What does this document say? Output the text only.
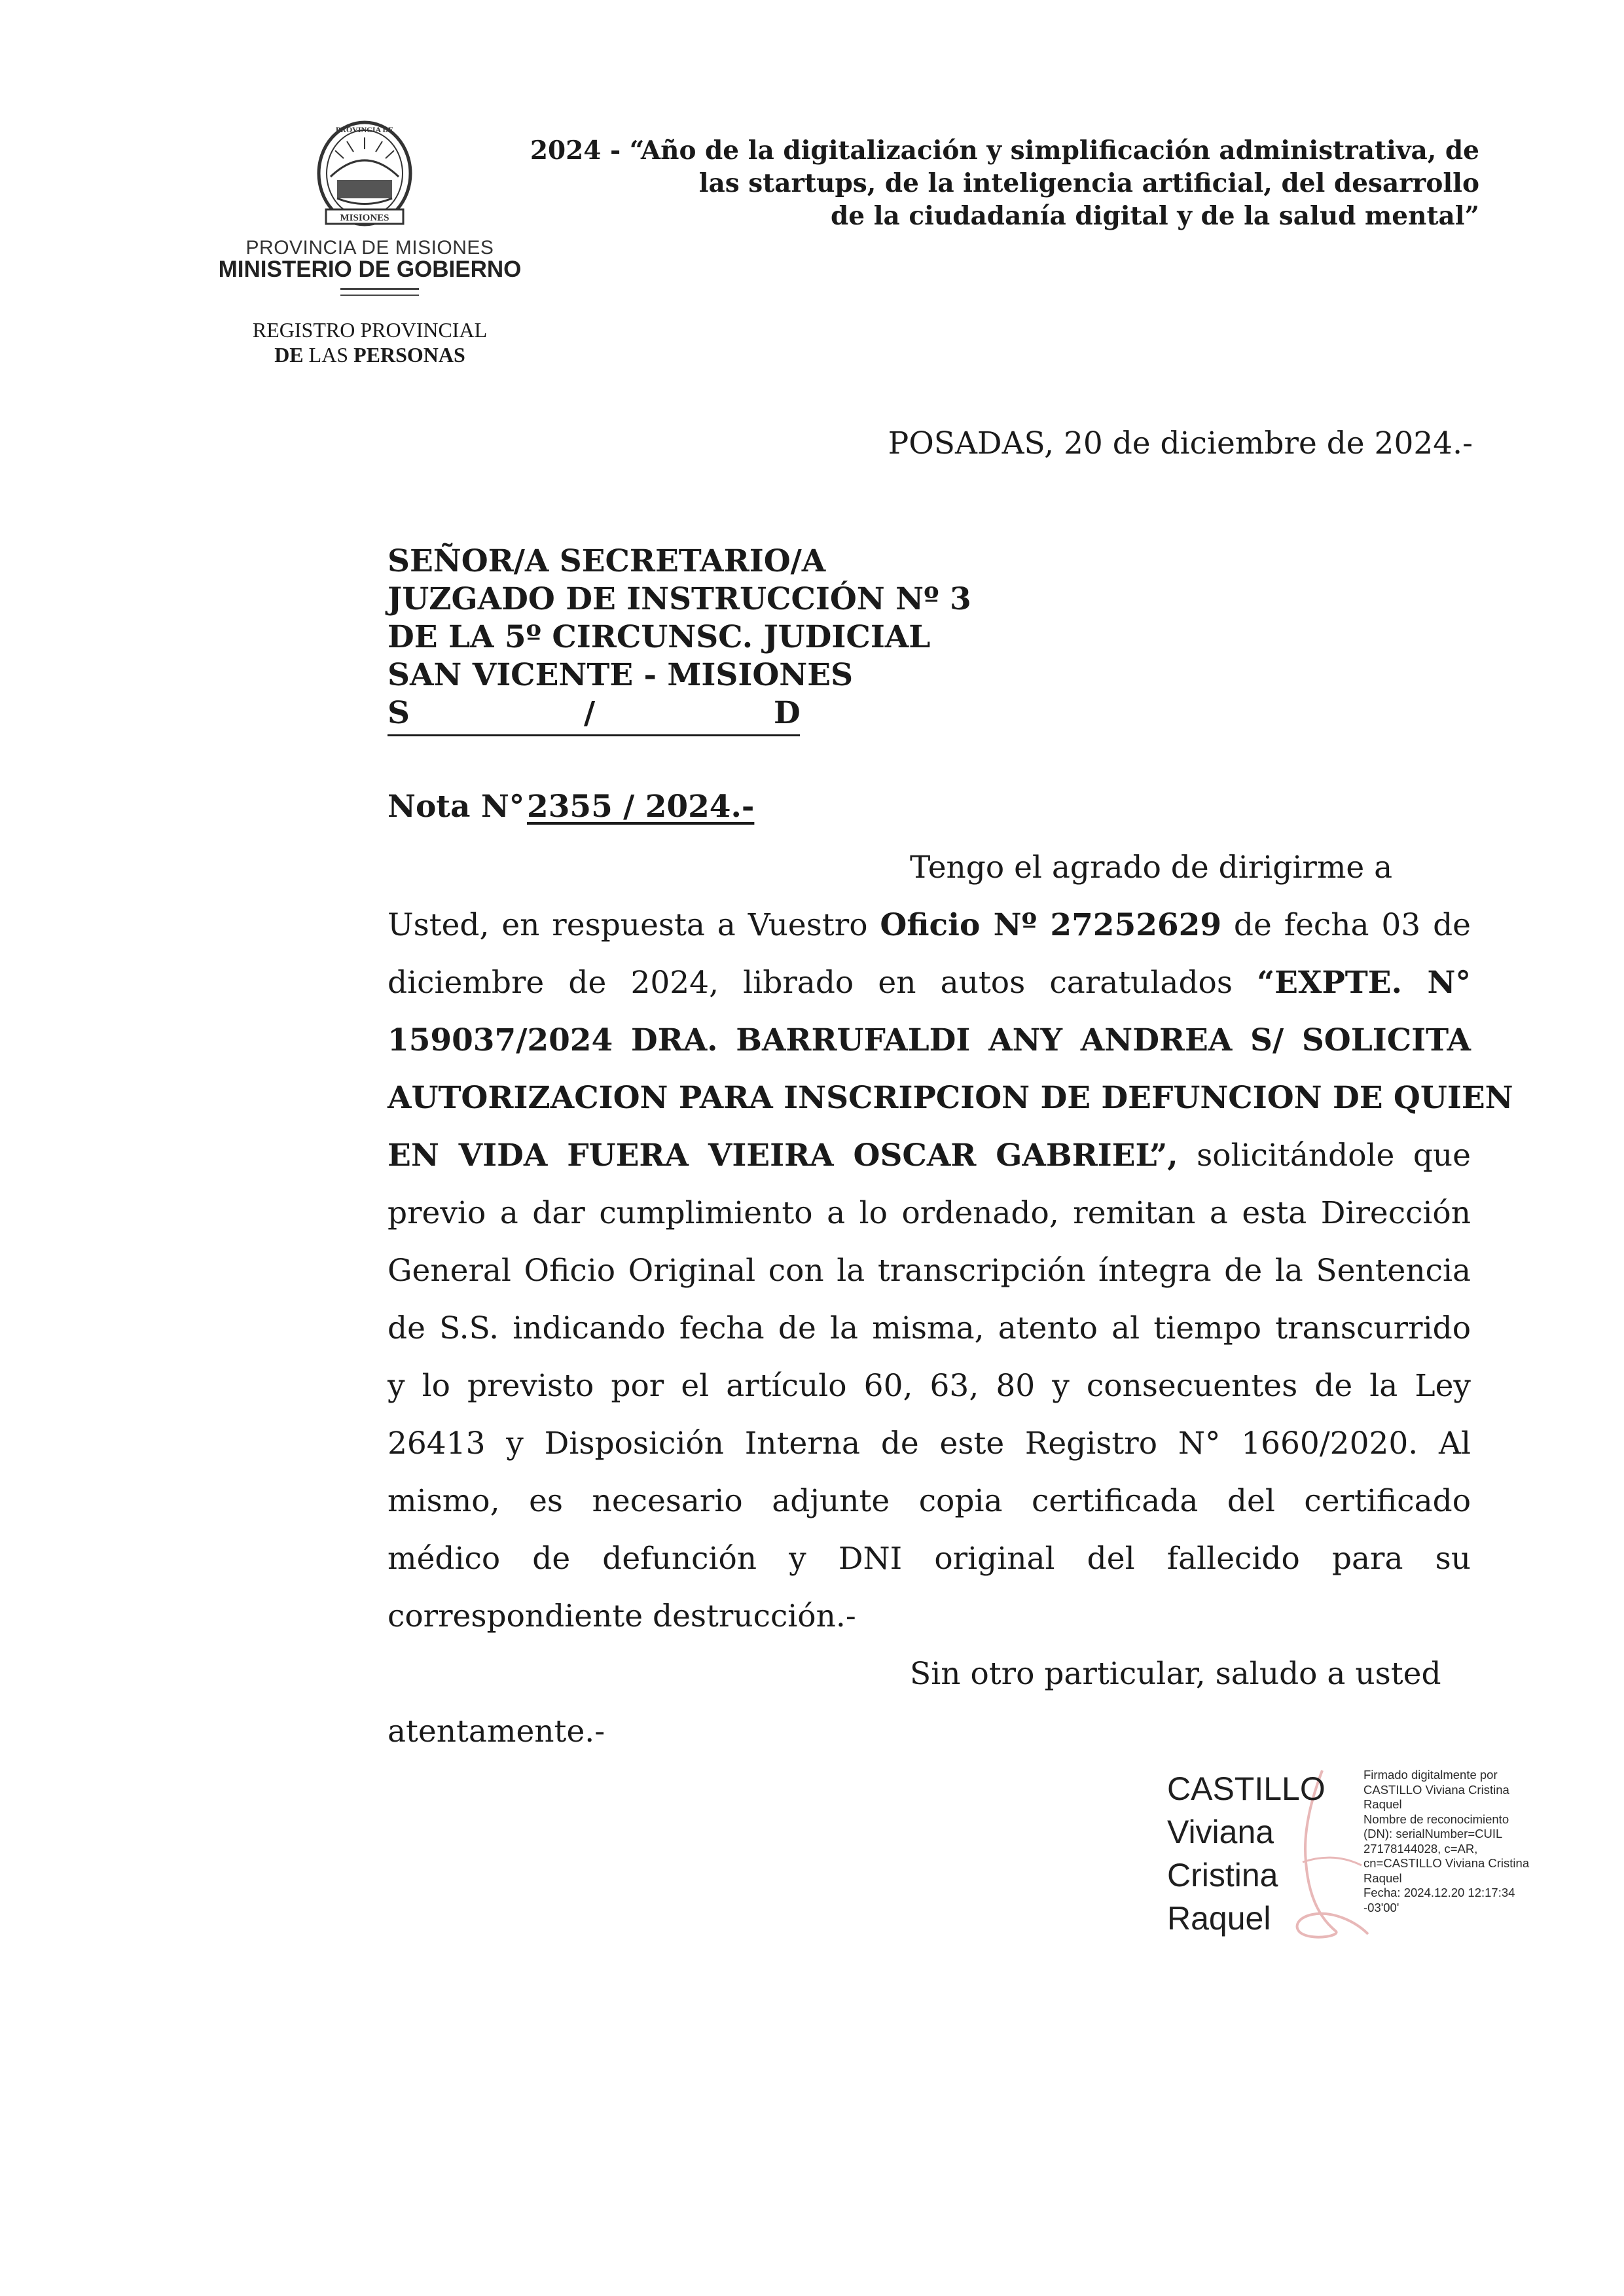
MISIONES
PROVINCIA DE
PROVINCIA DE MISIONES
MINISTERIO DE GOBIERNO
REGISTRO PROVINCIAL
DE LAS PERSONAS
2024 - “Año de la digitalización y simplificación administrativa, de
las startups, de la inteligencia artificial, del desarrollo
de la ciudadanía digital y de la salud mental”
POSADAS, 20 de diciembre de 2024.-
SEÑOR/A SECRETARIO/A
JUZGADO DE INSTRUCCIÓN Nº 3
DE LA 5º CIRCUNSC. JUDICIAL
SAN VICENTE - MISIONES
S	/	D
Nota N° 2355 / 2024.-
Tengo el agrado de dirigirme a
Usted, en respuesta a Vuestro Oficio Nº 27252629 de fecha 03 de
diciembre de 2024, librado en autos caratulados “EXPTE. N°
159037/2024 DRA. BARRUFALDI ANY ANDREA S/ SOLICITA
AUTORIZACION PARA INSCRIPCION DE DEFUNCION DE QUIEN
EN VIDA FUERA VIEIRA OSCAR GABRIEL”, solicitándole que
previo a dar cumplimiento a lo ordenado, remitan a esta Dirección
General Oficio Original con la transcripción íntegra de la Sentencia
de S.S. indicando fecha de la misma, atento al tiempo transcurrido
y lo previsto por el artículo 60, 63, 80 y consecuentes de la Ley
26413 y Disposición Interna de este Registro N° 1660/2020. Al
mismo, es necesario adjunte copia certificada del certificado
médico de defunción y DNI original del fallecido para su
correspondiente destrucción.-
Sin otro particular, saludo a usted
atentamente.-
CASTILLO
Viviana
Cristina
Raquel
Firmado digitalmente por
CASTILLO Viviana Cristina
Raquel
Nombre de reconocimiento
(DN): serialNumber=CUIL
27178144028, c=AR,
cn=CASTILLO Viviana Cristina
Raquel
Fecha: 2024.12.20 12:17:34
-03'00'
